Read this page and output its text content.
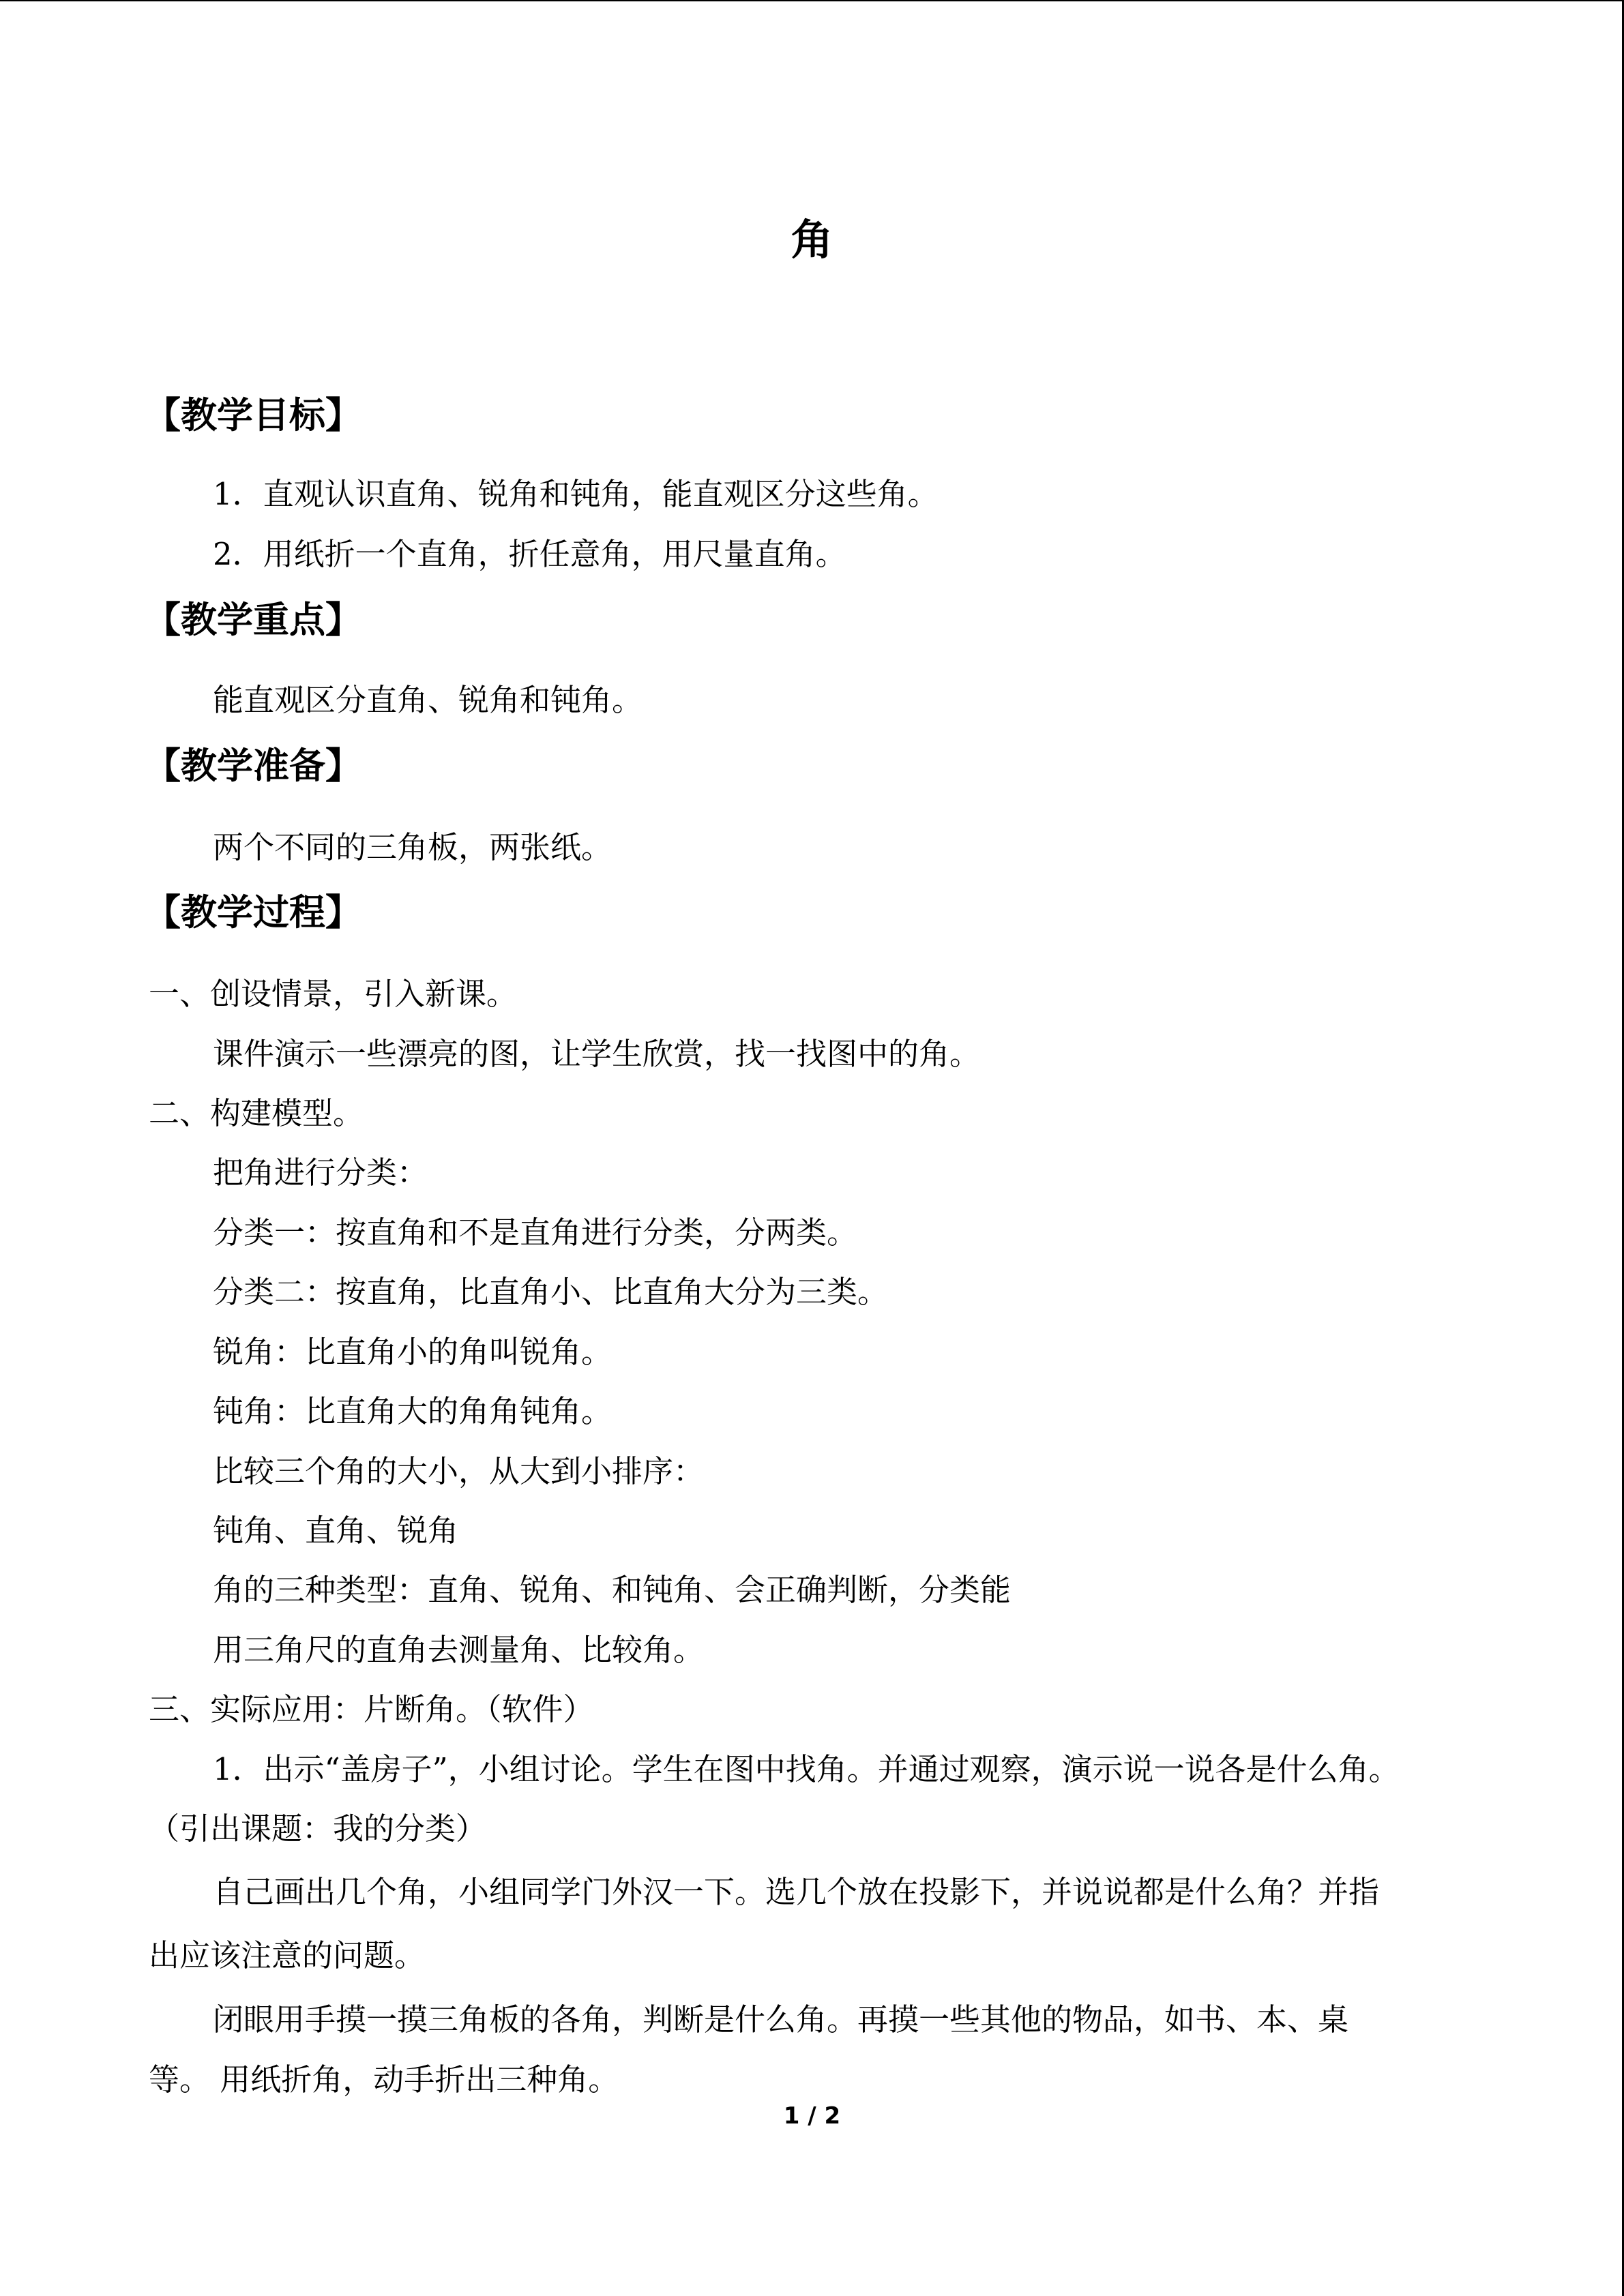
角
【教学目标】
1．直观认识直角、锐角和钝角，能直观区分这些角。
2．用纸折一个直角，折任意角，用尺量直角。
【教学重点】
能直观区分直角、锐角和钝角。
【教学准备】
两个不同的三角板，两张纸。
【教学过程】
一、创设情景，引入新课。
课件演示一些漂亮的图，让学生欣赏，找一找图中的角。
二、构建模型。
把角进行分类：
分类一：按直角和不是直角进行分类，分两类。
分类二：按直角，比直角小、比直角大分为三类。
锐角：比直角小的角叫锐角。
钝角：比直角大的角角钝角。
比较三个角的大小，从大到小排序：
钝角、直角、锐角
角的三种类型：直角、锐角、和钝角、会正确判断，分类能
用三角尺的直角去测量角、比较角。
三、实际应用：片断角。（软件）
1．出示“盖房子”，小组讨论。学生在图中找角。并通过观察，演示说一说各是什么角。
（引出课题：我的分类）
自己画出几个角，小组同学门外汉一下。选几个放在投影下，并说说都是什么角？并指
出应该注意的问题。
闭眼用手摸一摸三角板的各角，判断是什么角。再摸一些其他的物品，如书、本、桌
等。 用纸折角，动手折出三种角。
1 / 2
